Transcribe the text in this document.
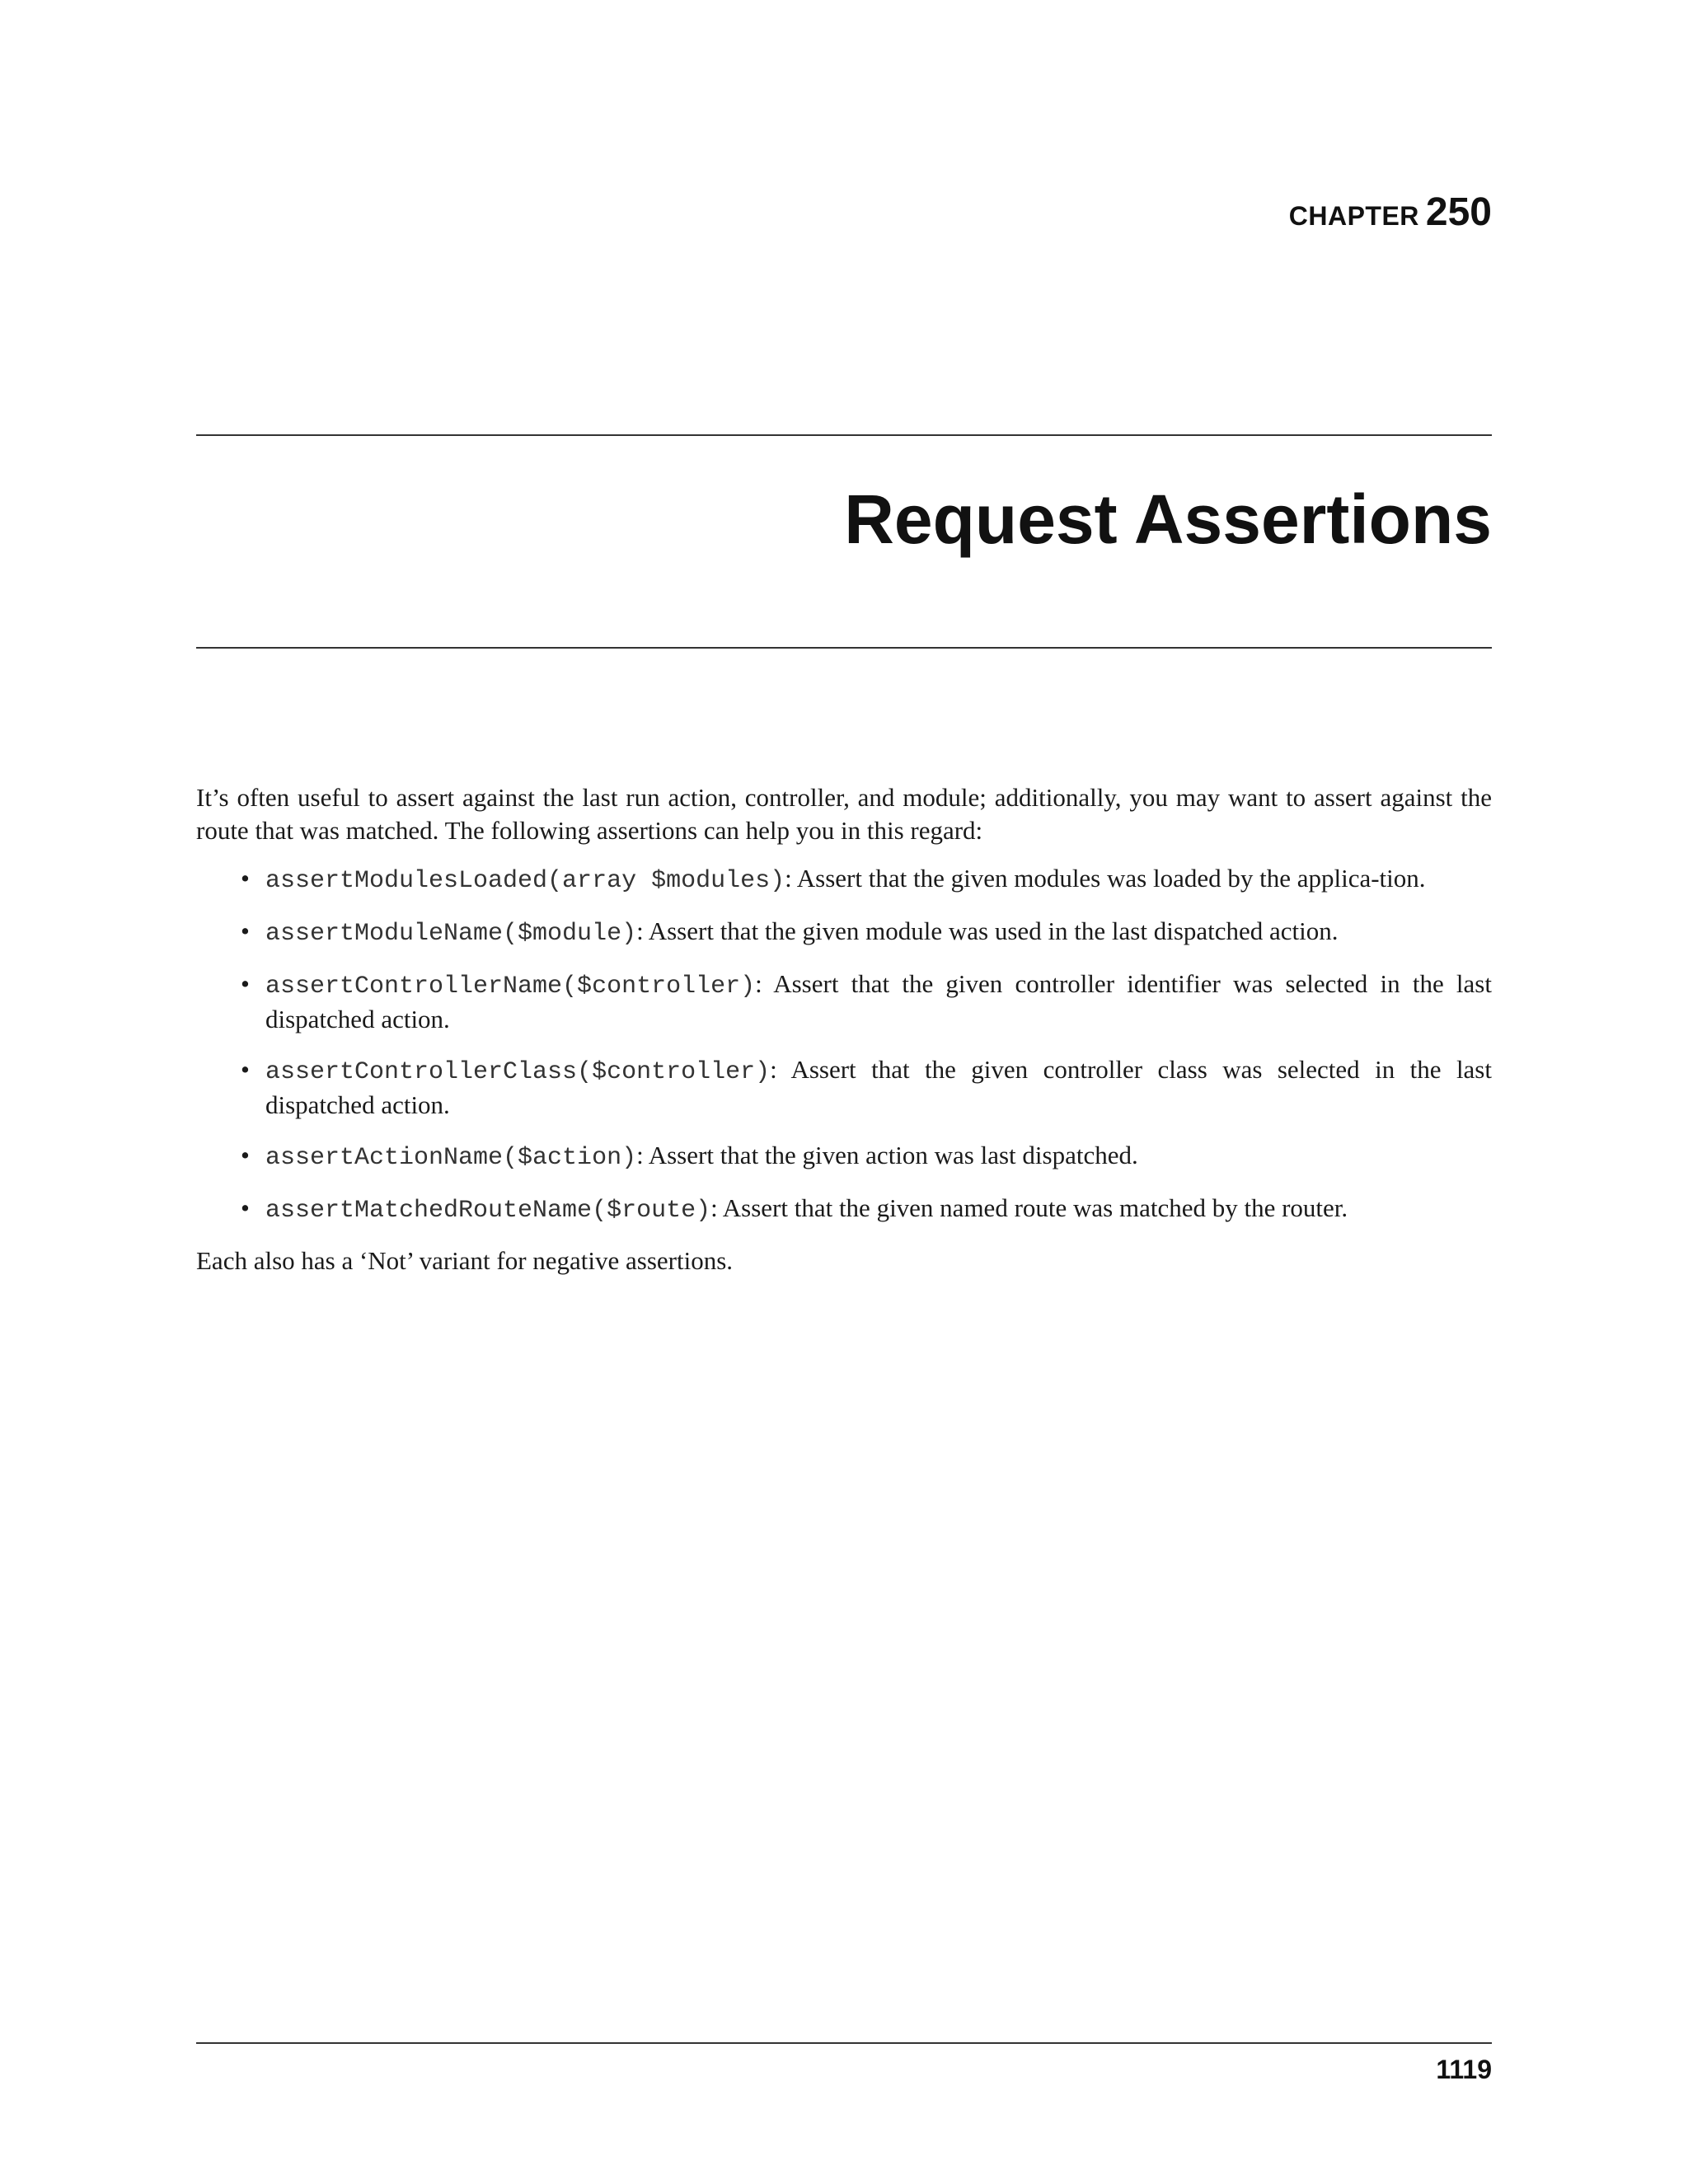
CHAPTER 250
Request Assertions

It’s often useful to assert against the last run action, controller, and module; additionally, you may want to assert against the route that was matched. The following assertions can help you in this regard:

• assertModulesLoaded(array $modules): Assert that the given modules was loaded by the applica-tion.
• assertModuleName($module): Assert that the given module was used in the last dispatched action.
• assertControllerName($controller): Assert that the given controller identifier was selected in the last dispatched action.
• assertControllerClass($controller): Assert that the given controller class was selected in the last dispatched action.
• assertActionName($action): Assert that the given action was last dispatched.
• assertMatchedRouteName($route): Assert that the given named route was matched by the router.

Each also has a ‘Not’ variant for negative assertions.

1119
